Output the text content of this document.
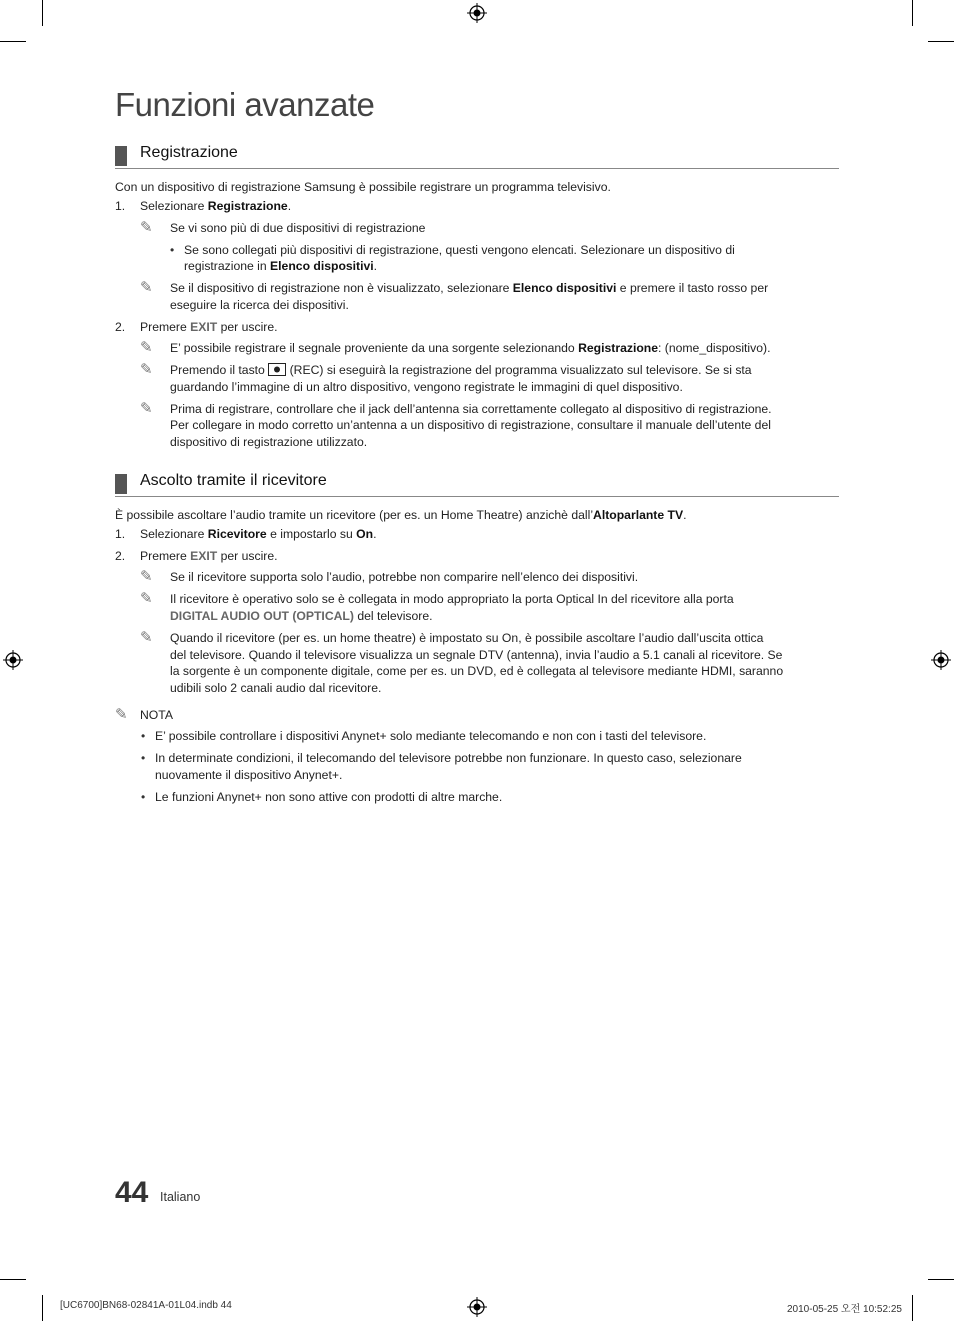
Funzioni avanzate
Registrazione
Con un dispositivo di registrazione Samsung è possibile registrare un programma televisivo.
1. Selezionare Registrazione.
✎ Se vi sono più di due dispositivi di registrazione
• Se sono collegati più dispositivi di registrazione, questi vengono elencati. Selezionare un dispositivo di
registrazione in Elenco dispositivi.
✎ Se il dispositivo di registrazione non è visualizzato, selezionare Elenco dispositivi e premere il tasto rosso per
eseguire la ricerca dei dispositivi.
2. Premere EXIT per uscire.
✎ E’ possibile registrare il segnale proveniente da una sorgente selezionando Registrazione: (nome_dispositivo).
✎ Premendo il tasto  (REC) si eseguirà la registrazione del programma visualizzato sul televisore. Se si sta
guardando l’immagine di un altro dispositivo, vengono registrate le immagini di quel dispositivo.
✎ Prima di registrare, controllare che il jack dell’antenna sia correttamente collegato al dispositivo di registrazione.
Per collegare in modo corretto un’antenna a un dispositivo di registrazione, consultare il manuale dell’utente del
dispositivo di registrazione utilizzato.
Ascolto tramite il ricevitore
È possibile ascoltare l’audio tramite un ricevitore (per es. un Home Theatre) anzichè dall’Altoparlante TV.
1. Selezionare Ricevitore e impostarlo su On.
2. Premere EXIT per uscire.
✎ Se il ricevitore supporta solo l’audio, potrebbe non comparire nell’elenco dei dispositivi.
✎ Il ricevitore è operativo solo se è collegata in modo appropriato la porta Optical In del ricevitore alla porta
DIGITAL AUDIO OUT (OPTICAL) del televisore.
✎ Quando il ricevitore (per es. un home theatre) è impostato su On, è possibile ascoltare l’audio dall’uscita ottica
del televisore. Quando il televisore visualizza un segnale DTV (antenna), invia l’audio a 5.1 canali al ricevitore. Se
la sorgente è un componente digitale, come per es. un DVD, ed è collegata al televisore mediante HDMI, saranno
udibili solo 2 canali audio dal ricevitore.
✎ NOTA
• E’ possibile controllare i dispositivi Anynet+ solo mediante telecomando e non con i tasti del televisore.
• In determinate condizioni, il telecomando del televisore potrebbe non funzionare. In questo caso, selezionare
nuovamente il dispositivo Anynet+.
• Le funzioni Anynet+ non sono attive con prodotti di altre marche.
44 Italiano
[UC6700]BN68-02841A-01L04.indb 44	2010-05-25 오전 10:52:25
